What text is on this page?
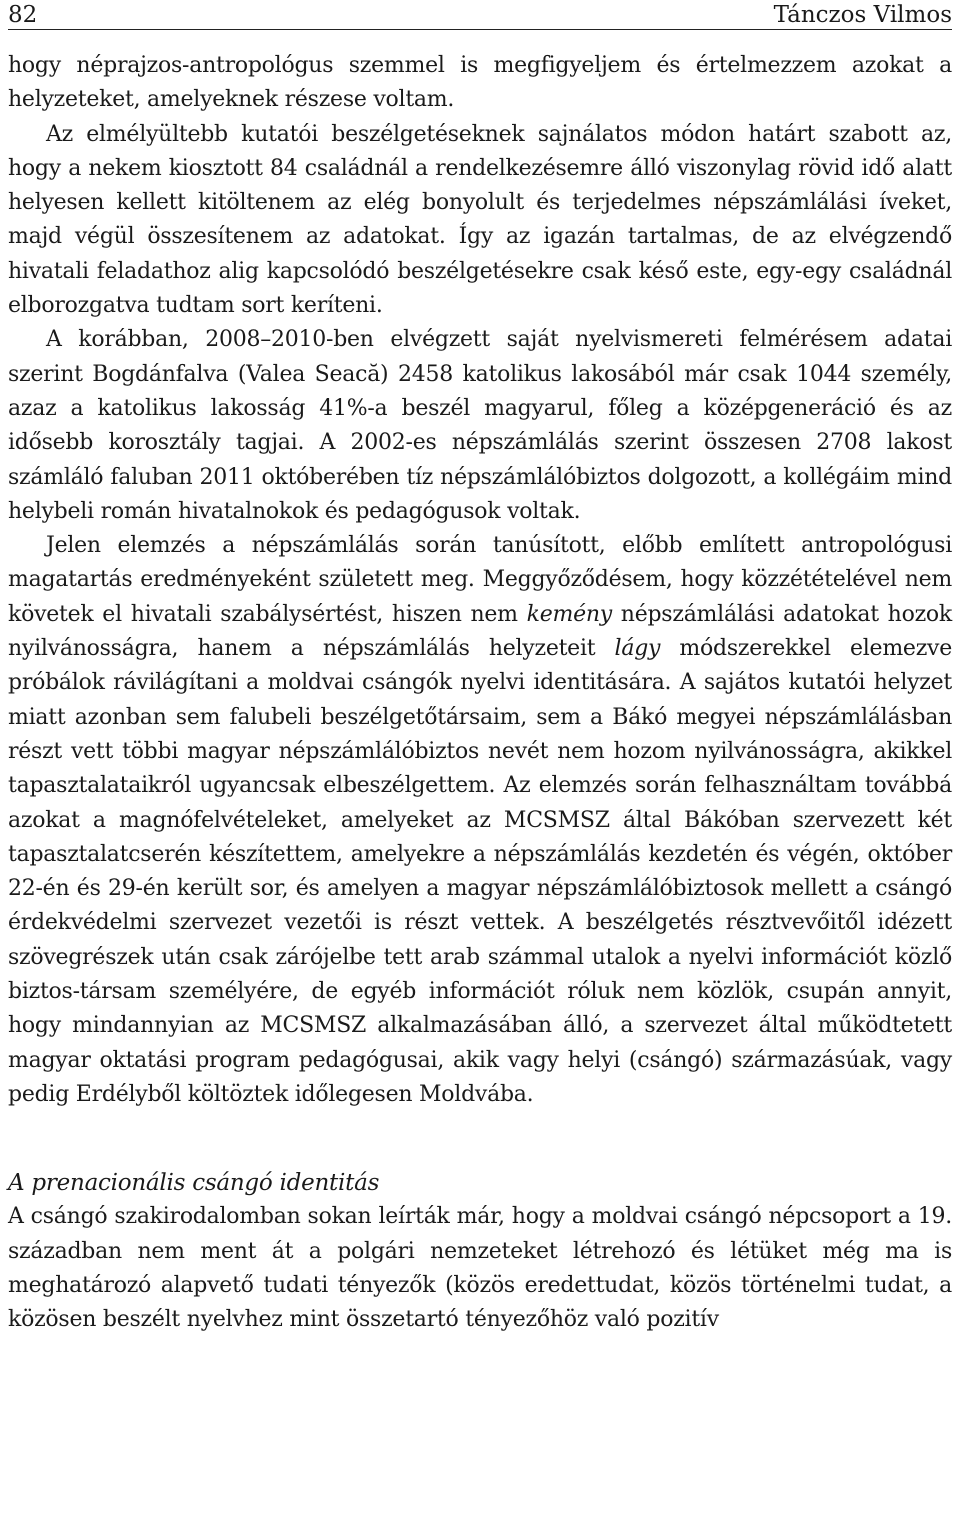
82	Tánczos Vilmos

hogy néprajzos-antropológus szemmel is megfigyeljem és értelmezzem azokat a helyzeteket, amelyeknek részese voltam.

Az elmélyültebb kutatói beszélgetéseknek sajnálatos módon határt szabott az, hogy a nekem kiosztott 84 családnál a rendelkezésemre álló viszonylag rövid idő alatt helyesen kellett kitöltenem az elég bonyolult és terjedelmes népszámlálási íveket, majd végül összesítenem az adatokat. Így az igazán tartalmas, de az elvégzendő hivatali feladathoz alig kapcsolódó beszélgetésekre csak késő este, egy-egy családnál elborozgatva tudtam sort keríteni.

A korábban, 2008–2010-ben elvégzett saját nyelvismereti felmérésem adatai szerint Bogdánfalva (Valea Seacă) 2458 katolikus lakosából már csak 1044 személy, azaz a katolikus lakosság 41%-a beszél magyarul, főleg a középgeneráció és az idősebb korosztály tagjai. A 2002-es népszámlálás szerint összesen 2708 lakost számláló faluban 2011 októberében tíz népszámlálóbiztos dolgozott, a kollégáim mind helybeli román hivatalnokok és pedagógusok voltak.

Jelen elemzés a népszámlálás során tanúsított, előbb említett antropológusi magatartás eredményeként született meg. Meggyőződésem, hogy közzétételével nem követek el hivatali szabálysértést, hiszen nem kemény népszámlálási adatokat hozok nyilvánosságra, hanem a népszámlálás helyzeteit lágy módszerekkel elemezve próbálok rávilágítani a moldvai csángók nyelvi identitására. A sajátos kutatói helyzet miatt azonban sem falubeli beszélgetőtársaim, sem a Bákó megyei népszámlálásban részt vett többi magyar népszámlálóbiztos nevét nem hozom nyilvánosságra, akikkel tapasztalataikról ugyancsak elbeszélgettem. Az elemzés során felhasználtam továbbá azokat a magnófelvételeket, amelyeket az MCSMSZ által Bákóban szervezett két tapasztalatcserén készítettem, amelyekre a népszámlálás kezdetén és végén, október 22-én és 29-én került sor, és amelyen a magyar népszámlálóbiztosok mellett a csángó érdekvédelmi szervezet vezetői is részt vettek. A beszélgetés résztvevőitől idézett szövegrészek után csak zárójelbe tett arab számmal utalok a nyelvi információt közlő biztos-társam személyére, de egyéb információt róluk nem közlök, csupán annyit, hogy mindannyian az MCSMSZ alkalmazásában álló, a szervezet által működtetett magyar oktatási program pedagógusai, akik vagy helyi (csángó) származásúak, vagy pedig Erdélyből költöztek időlegesen Moldvába.

A prenacionális csángó identitás

A csángó szakirodalomban sokan leírták már, hogy a moldvai csángó népcsoport a 19. században nem ment át a polgári nemzeteket létrehozó és létüket még ma is meghatározó alapvető tudati tényezők (közös eredettudat, közös történelmi tudat, a közösen beszélt nyelvhez mint összetartó tényezőhöz való pozitív
